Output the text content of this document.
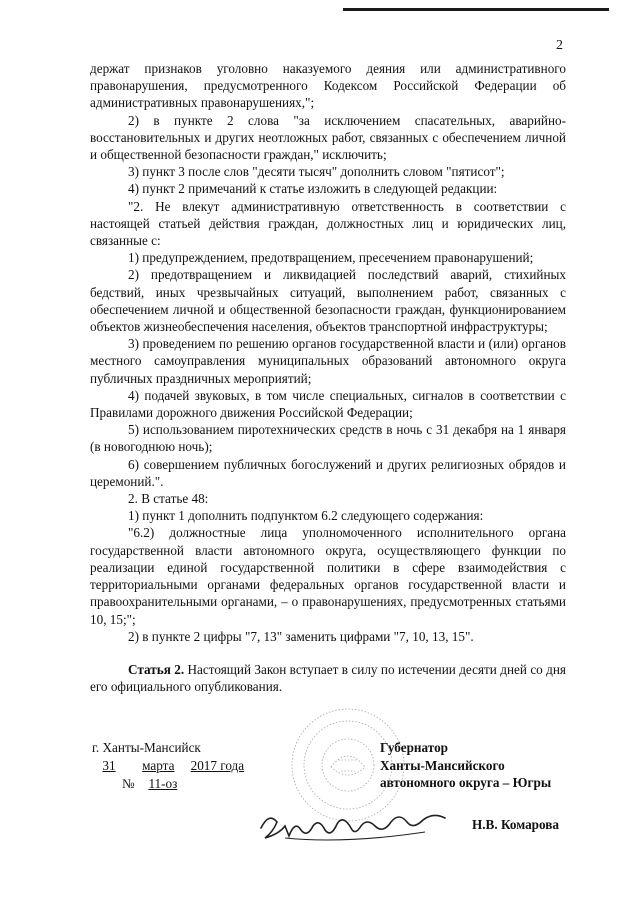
2

держат признаков уголовно наказуемого деяния или административного правонарушения, предусмотренного Кодексом Российской Федерации об административных правонарушениях,";

2) в пункте 2 слова "за исключением спасательных, аварийно-восстановительных и других неотложных работ, связанных с обеспечением личной и общественной безопасности граждан," исключить;

3) пункт 3 после слов "десяти тысяч" дополнить словом "пятисот";

4) пункт 2 примечаний к статье изложить в следующей редакции:

"2. Не влекут административную ответственность в соответствии с настоящей статьей действия граждан, должностных лиц и юридических лиц, связанные с:

1) предупреждением, предотвращением, пресечением правонарушений;

2) предотвращением и ликвидацией последствий аварий, стихийных бедствий, иных чрезвычайных ситуаций, выполнением работ, связанных с обеспечением личной и общественной безопасности граждан, функционированием объектов жизнеобеспечения населения, объектов транспортной инфраструктуры;

3) проведением по решению органов государственной власти и (или) органов местного самоуправления муниципальных образований автономного округа публичных праздничных мероприятий;

4) подачей звуковых, в том числе специальных, сигналов в соответствии с Правилами дорожного движения Российской Федерации;

5) использованием пиротехнических средств в ночь с 31 декабря на 1 января (в новогоднюю ночь);

6) совершением публичных богослужений и других религиозных обрядов и церемоний.".

2. В статье 48:

1) пункт 1 дополнить подпунктом 6.2 следующего содержания:

"6.2) должностные лица уполномоченного исполнительного органа государственной власти автономного округа, осуществляющего функции по реализации единой государственной политики в сфере взаимодействия с территориальными органами федеральных органов государственной власти и правоохранительными органами, – о правонарушениях, предусмотренных статьями 10, 15;";

2) в пункте 2 цифры "7, 13" заменить цифрами "7, 10, 13, 15".

Статья 2. Настоящий Закон вступает в силу по истечении десяти дней со дня его официального опубликования.

г. Ханты-Мансийск
31 марта 2017 года
№ 11-оз
Губернатор
Ханты-Мансийского
автономного округа – Югры
Н.В. Комарова
